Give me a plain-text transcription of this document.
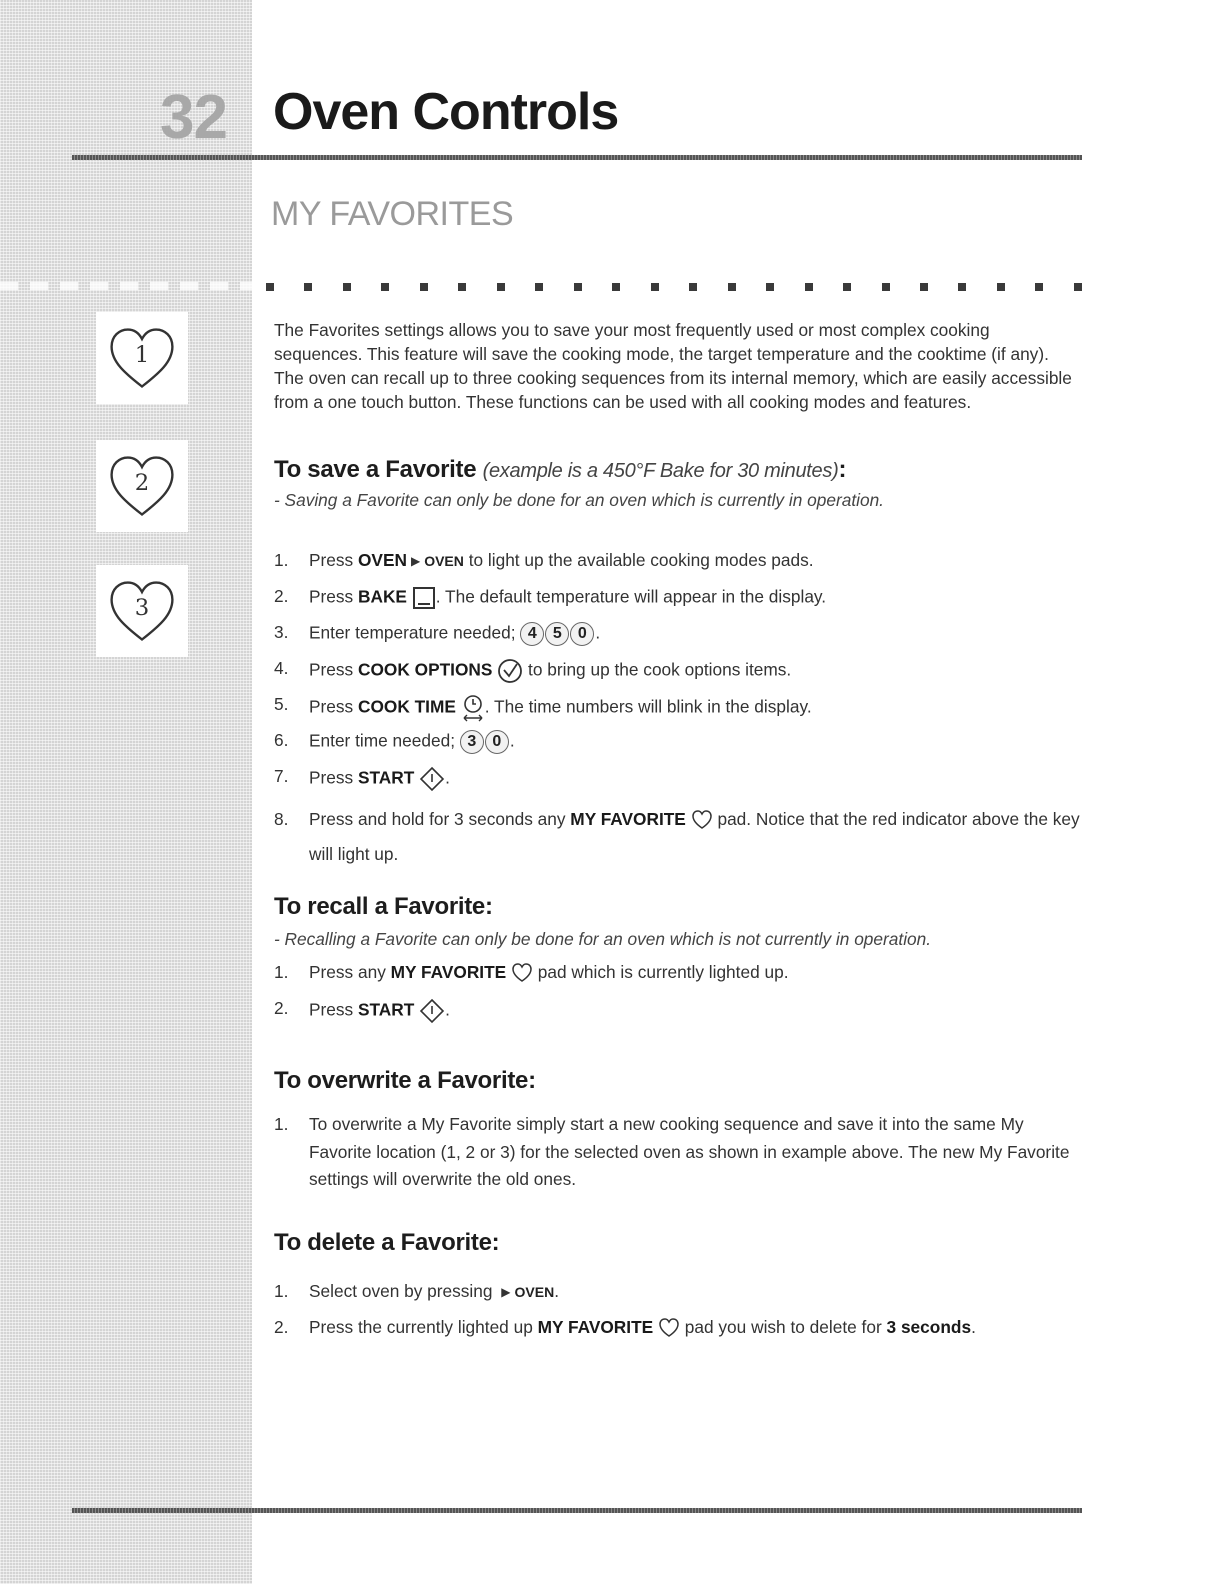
32 Oven Controls
MY FAVORITES
1
2
3
The Favorites settings allows you to save your most frequently used or most complex cooking sequences. This feature will save the cooking mode, the target temperature and the cooktime (if any). The oven can recall up to three cooking sequences from its internal memory, which are easily accessible from a one touch button. These functions can be used with all cooking modes and features.
To save a Favorite (example is a 450°F Bake for 30 minutes):
- Saving a Favorite can only be done for an oven which is currently in operation.
1. Press OVEN ▶ OVEN to light up the available cooking modes pads.
2. Press BAKE . The default temperature will appear in the display.
3. Enter temperature needed; 4 5 0 .
4. Press COOK OPTIONS  to bring up the cook options items.
5. Press COOK TIME . The time numbers will blink in the display.
6. Enter time needed; 3 0 .
7. Press START .
8. Press and hold for 3 seconds any MY FAVORITE  pad. Notice that the red indicator above the key will light up.
To recall a Favorite:
- Recalling a Favorite can only be done for an oven which is not currently in operation.
1. Press any MY FAVORITE  pad which is currently lighted up.
2. Press START .
To overwrite a Favorite:
1. To overwrite a My Favorite simply start a new cooking sequence and save it into the same My Favorite location (1, 2 or 3) for the selected oven as shown in example above. The new My Favorite settings will overwrite the old ones.
To delete a Favorite:
1. Select oven by pressing ▶ OVEN.
2. Press the currently lighted up MY FAVORITE  pad you wish to delete for 3 seconds.
